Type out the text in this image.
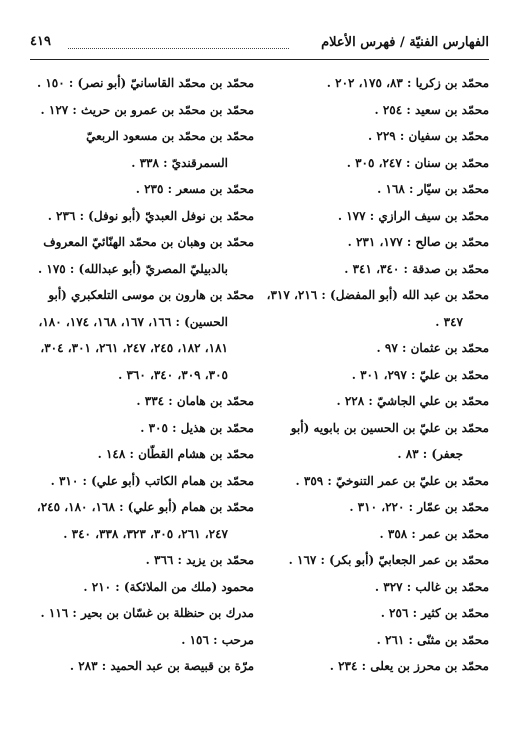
الفهارس الفنيّة / فهرس الأعلام
٤١٩
محمّد بن زكريا : ٨٣، ١٧٥، ٢٠٢ .
محمّد بن سعيد : ٢٥٤ .
محمّد بن سفيان : ٢٢٩ .
محمّد بن سنان : ٢٤٧، ٣٠٥ .
محمّد بن سيّار : ١٦٨ .
محمّد بن سيف الرازي : ١٧٧ .
محمّد بن صالح : ١٧٧، ٢٣١ .
محمّد بن صدقة : ٣٤٠، ٣٤١ .
محمّد بن عبد الله (أبو المفضل) : ٢١٦، ٣١٧،
٣٤٧ .
محمّد بن عثمان : ٩٧ .
محمّد بن عليّ : ٢٩٧، ٣٠١ .
محمّد بن علي الجاشيّ : ٢٢٨ .
محمّد بن عليّ بن الحسين بن بابويه (أبو
جعفر) : ٨٣ .
محمّد بن عليّ بن عمر التنوخيّ : ٣٥٩ .
محمّد بن عمّار : ٢٢٠، ٣١٠ .
محمّد بن عمر : ٣٥٨ .
محمّد بن عمر الجعابيّ (أبو بكر) : ١٦٧ .
محمّد بن غالب : ٣٢٧ .
محمّد بن كثير : ٢٥٦ .
محمّد بن مثنّى : ٢٦١ .
محمّد بن محرز بن يعلى : ٢٣٤ .
محمّد بن محمّد القاسانيّ (أبو نصر) : ١٥٠ .
محمّد بن محمّد بن عمرو بن حريث : ١٢٧ .
محمّد بن محمّد بن مسعود الربعيّ
السمرقنديّ : ٣٣٨ .
محمّد بن مسعر : ٢٣٥ .
محمّد بن نوفل العبديّ (أبو نوفل) : ٢٣٦ .
محمّد بن وهبان بن محمّد الهنّائيّ المعروف
بالدبيليّ المصريّ (أبو عبدالله) : ١٧٥ .
محمّد بن هارون بن موسى التلعكبري (أبو
الحسين) : ١٦٦، ١٦٧، ١٦٨، ١٧٤، ١٨٠،
١٨١، ١٨٢، ٢٤٥، ٢٤٧، ٢٦١، ٣٠١، ٣٠٤،
٣٠٥، ٣٠٩، ٣٤٠، ٣٦٠ .
محمّد بن هامان : ٣٣٤ .
محمّد بن هذيل : ٣٠٥ .
محمّد بن هشام القطّان : ١٤٨ .
محمّد بن همام الكاتب (أبو علي) : ٣١٠ .
محمّد بن همام (أبو علي) : ١٦٨، ١٨٠، ٢٤٥،
٢٤٧، ٢٦١، ٣٠٥، ٣٢٣، ٣٣٨، ٣٤٠ .
محمّد بن يزيد : ٣٦٦ .
محمود (ملك من الملائكة) : ٢١٠ .
مدرك بن حنظلة بن غسّان بن بحير : ١١٦ .
مرحب : ١٥٦ .
مرّة بن قبيصة بن عبد الحميد : ٢٨٣ .
